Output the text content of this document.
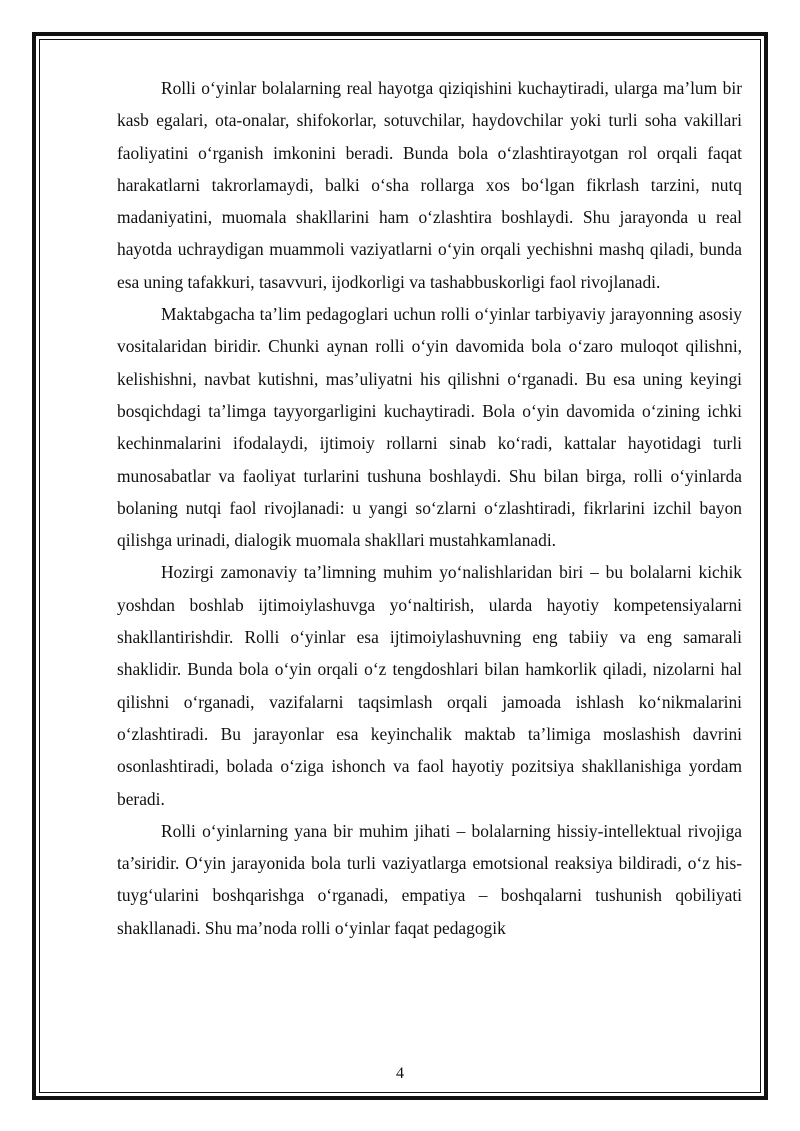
Rolli o‘yinlar bolalarning real hayotga qiziqishini kuchaytiradi, ularga ma’lum bir kasb egalari, ota-onalar, shifokorlar, sotuvchilar, haydovchilar yoki turli soha vakillari faoliyatini o‘rganish imkonini beradi. Bunda bola o‘zlashtirayotgan rol orqali faqat harakatlarni takrorlamaydi, balki o‘sha rollarga xos bo‘lgan fikrlash tarzini, nutq madaniyatini, muomala shakllarini ham o‘zlashtira boshlaydi. Shu jarayonda u real hayotda uchraydigan muammoli vaziyatlarni o‘yin orqali yechishni mashq qiladi, bunda esa uning tafakkuri, tasavvuri, ijodkorligi va tashabbuskorligi faol rivojlanadi.

Maktabgacha ta’lim pedagoglari uchun rolli o‘yinlar tarbiyaviy jarayonning asosiy vositalaridan biridir. Chunki aynan rolli o‘yin davomida bola o‘zaro muloqot qilishni, kelishishni, navbat kutishni, mas’uliyatni his qilishni o‘rganadi. Bu esa uning keyingi bosqichdagi ta’limga tayyorgarligini kuchaytiradi. Bola o‘yin davomida o‘zining ichki kechinmalarini ifodalaydi, ijtimoiy rollarni sinab ko‘radi, kattalar hayotidagi turli munosabatlar va faoliyat turlarini tushuna boshlaydi. Shu bilan birga, rolli o‘yinlarda bolaning nutqi faol rivojlanadi: u yangi so‘zlarni o‘zlashtiradi, fikrlarini izchil bayon qilishga urinadi, dialogik muomala shakllari mustahkamlanadi.

Hozirgi zamonaviy ta’limning muhim yo‘nalishlaridan biri – bu bolalarni kichik yoshdan boshlab ijtimoiylashuvga yo‘naltirish, ularda hayotiy kompetensiyalarni shakllantirishdir. Rolli o‘yinlar esa ijtimoiylashuvning eng tabiiy va eng samarali shaklidir. Bunda bola o‘yin orqali o‘z tengdoshlari bilan hamkorlik qiladi, nizolarni hal qilishni o‘rganadi, vazifalarni taqsimlash orqali jamoada ishlash ko‘nikmalarini o‘zlashtiradi. Bu jarayonlar esa keyinchalik maktab ta’limiga moslashish davrini osonlashtiradi, bolada o‘ziga ishonch va faol hayotiy pozitsiya shakllanishiga yordam beradi.

Rolli o‘yinlarning yana bir muhim jihati – bolalarning hissiy-intellektual rivojiga ta’siridir. O‘yin jarayonida bola turli vaziyatlarga emotsional reaksiya bildiradi, o‘z his-tuyg‘ularini boshqarishga o‘rganadi, empatiya – boshqalarni tushunish qobiliyati shakllanadi. Shu ma’noda rolli o‘yinlar faqat pedagogik

4
